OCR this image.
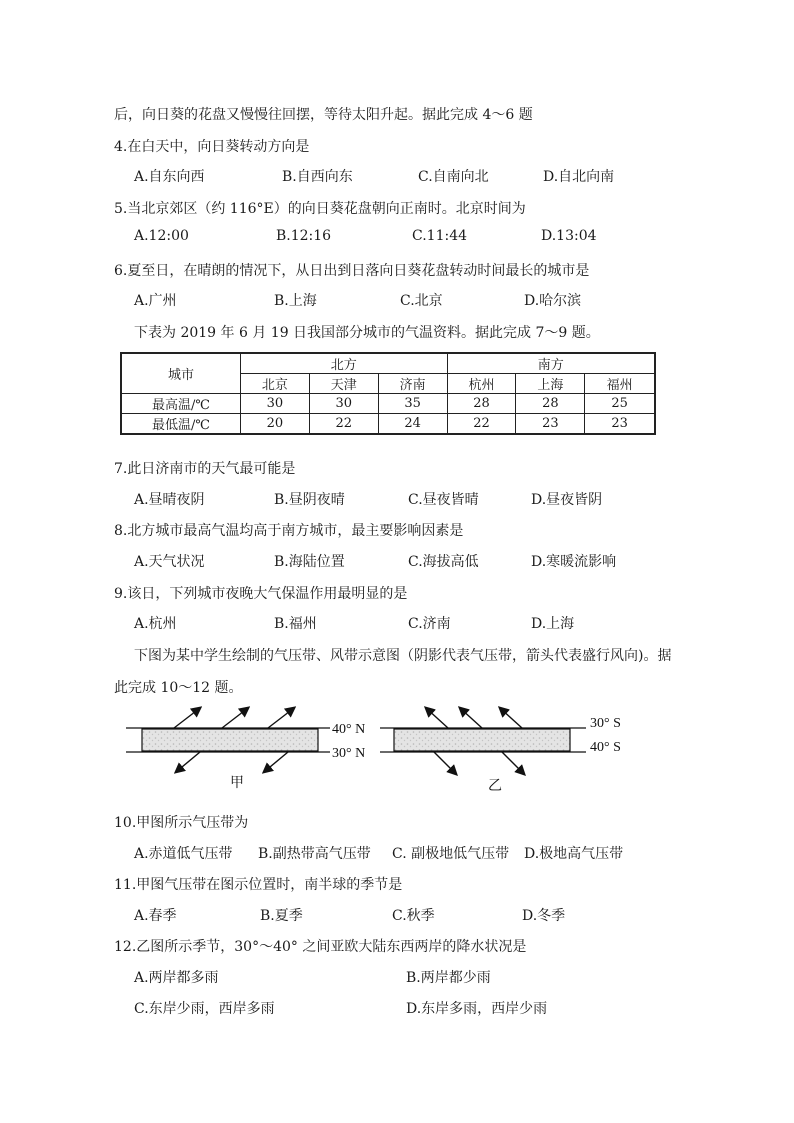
后，向日葵的花盘又慢慢往回摆，等待太阳升起。据此完成 4～6 题
4.在白天中，向日葵转动方向是
A.自东向西	B.自西向东	C.自南向北	D.自北向南
5.当北京郊区（约 116°E）的向日葵花盘朝向正南时。北京时间为
A.12:00	B.12:16	C.11:44	D.13:04
6.夏至日，在晴朗的情况下，从日出到日落向日葵花盘转动时间最长的城市是
A.广州	B.上海	C.北京	D.哈尔滨
下表为 2019 年 6 月 19 日我国部分城市的气温资料。据此完成 7～9 题。
城市	北方			南方		
	北京	天津	济南	杭州	上海	福州
最高温/℃	30	30	35	28	28	25
最低温/℃	20	22	24	22	23	23
7.此日济南市的天气最可能是
A.昼晴夜阴	B.昼阴夜晴	C.昼夜皆晴	D.昼夜皆阴
8.北方城市最高气温均高于南方城市，最主要影响因素是
A.天气状况	B.海陆位置	C.海拔高低	D.寒暖流影响
9.该日，下列城市夜晚大气保温作用最明显的是
A.杭州	B.福州	C.济南	D.上海
下图为某中学生绘制的气压带、风带示意图（阴影代表气压带，箭头代表盛行风向)。据
此完成 10～12 题。
40° N
30° N
甲
30° S
40° S
乙
10.甲图所示气压带为
A.赤道低气压带 B.副热带高气压带 C. 副极地低气压带 D.极地高气压带
11.甲图气压带在图示位置时，南半球的季节是
A.春季	B.夏季	C.秋季	D.冬季
12.乙图所示季节，30°～40° 之间亚欧大陆东西两岸的降水状况是
A.两岸都多雨	B.两岸都少雨
C.东岸少雨，西岸多雨	D.东岸多雨，西岸少雨
